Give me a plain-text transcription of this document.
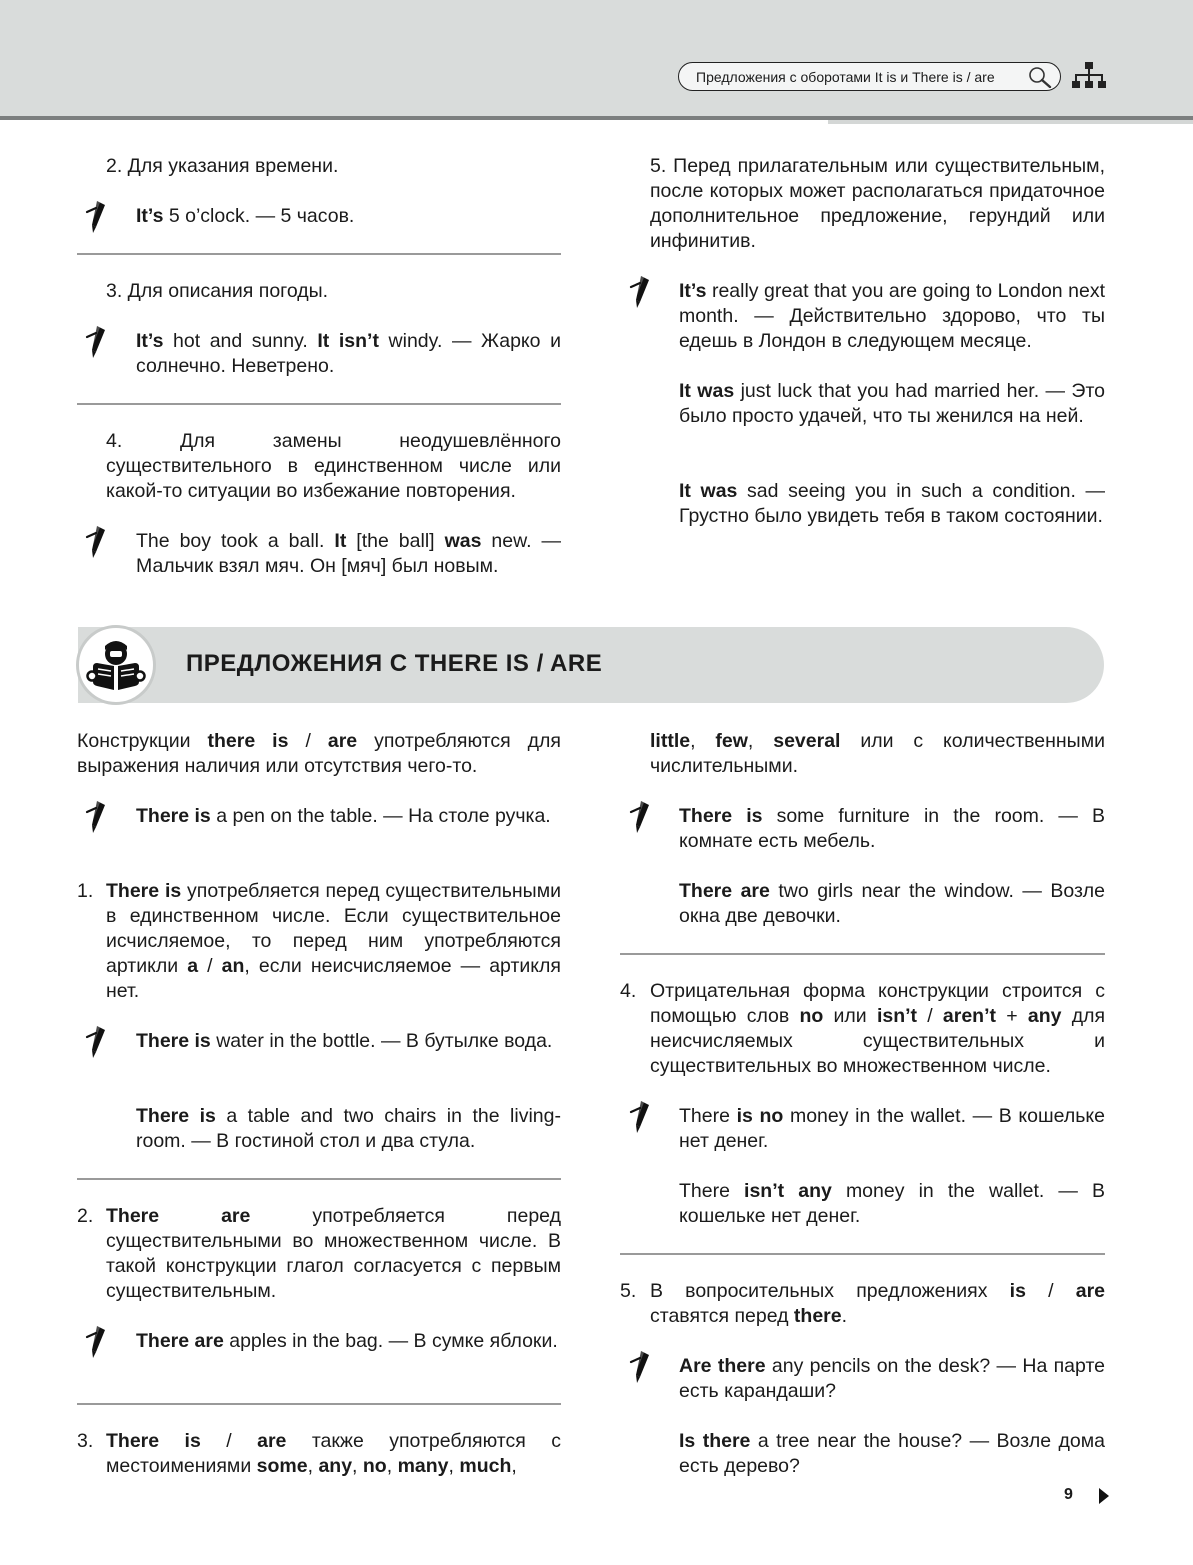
Предложения с оборотами It is и There is / are
2. Для указания времени.
It’s 5 o’clock. — 5 часов.
3. Для описания погоды.
It’s hot and sunny. It isn’t windy. — Жарко и солнечно. Неветрено.
4. Для замены неодушевлённого существительного в единственном числе или какой-то ситуации во избежание повторения.
The boy took a ball. It [the ball] was new. — Мальчик взял мяч. Он [мяч] был новым.
5. Перед прилагательным или существительным, после которых может располагаться придаточное дополнительное предложение, герундий или инфинитив.
It’s really great that you are going to London next month. — Действительно здорово, что ты едешь в Лондон в следующем месяце.
It was just luck that you had married her. — Это было просто удачей, что ты женился на ней.
It was sad seeing you in such a condition. — Грустно было увидеть тебя в таком состоянии.
ПРЕДЛОЖЕНИЯ С THERE IS / ARE
Конструкции there is / are употребляются для выражения наличия или отсутствия чего-то.
There is a pen on the table. — На столе ручка.
1. There is употребляется перед существительными в единственном числе. Если существительное исчисляемое, то перед ним употребляются артикли a / an, если неисчисляемое — артикля нет.
There is water in the bottle. — В бутылке вода.
There is a table and two chairs in the living-room. — В гостиной стол и два стула.
2. There are употребляется перед существительными во множественном числе. В такой конструкции глагол согласуется с первым существительным.
There are apples in the bag. — В сумке яблоки.
3. There is / are также употребляются с местоимениями some, any, no, many, much,
little, few, several или с количественными числительными.
There is some furniture in the room. — В комнате есть мебель.
There are two girls near the window. — Возле окна две девочки.
4. Отрицательная форма конструкции строится с помощью слов no или isn’t / aren’t + any для неисчисляемых существительных и существительных во множественном числе.
There is no money in the wallet. — В кошельке нет денег.
There isn’t any money in the wallet. — В кошельке нет денег.
5. В вопросительных предложениях is / are ставятся перед there.
Are there any pencils on the desk? — На парте есть карандаши?
Is there a tree near the house? — Возле дома есть дерево?
9
